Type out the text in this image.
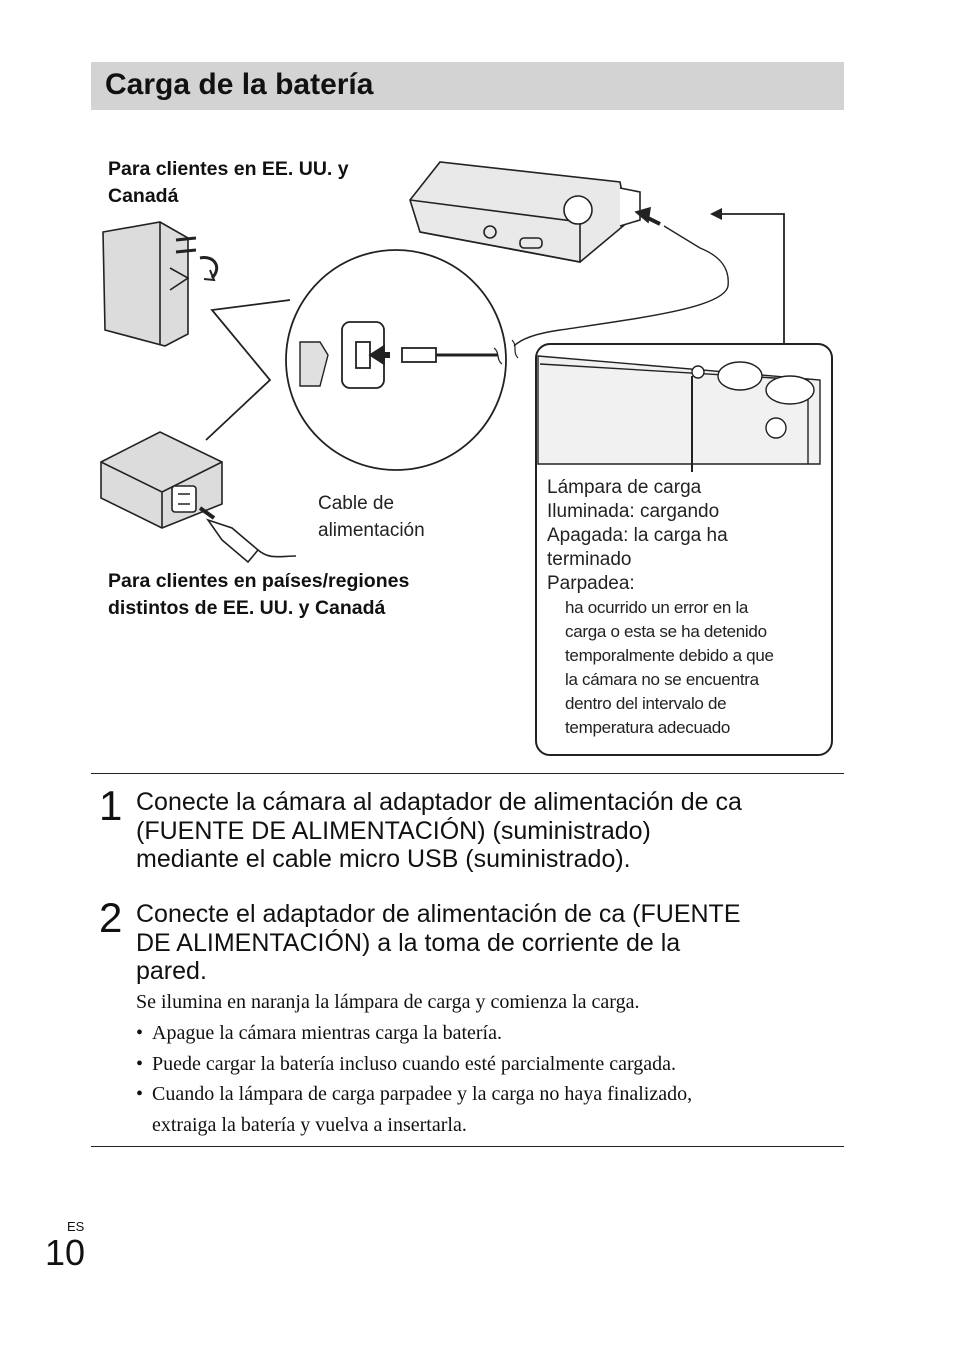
Carga de la batería
Para clientes en EE. UU. y
Canadá
Para clientes en países/regiones
distintos de EE. UU. y Canadá
Cable de
alimentación
Lámpara de carga
Iluminada: cargando
Apagada: la carga ha
terminado
Parpadea:
ha ocurrido un error en la
carga o esta se ha detenido
temporalmente debido a que
la cámara no se encuentra
dentro del intervalo de
temperatura adecuado
1 Conecte la cámara al adaptador de alimentación de ca
(FUENTE DE ALIMENTACIÓN) (suministrado)
mediante el cable micro USB (suministrado).
2 Conecte el adaptador de alimentación de ca (FUENTE
DE ALIMENTACIÓN) a la toma de corriente de la
pared.
Se ilumina en naranja la lámpara de carga y comienza la carga.
• Apague la cámara mientras carga la batería.
• Puede cargar la batería incluso cuando esté parcialmente cargada.
• Cuando la lámpara de carga parpadee y la carga no haya finalizado,
extraiga la batería y vuelva a insertarla.
ES
10
